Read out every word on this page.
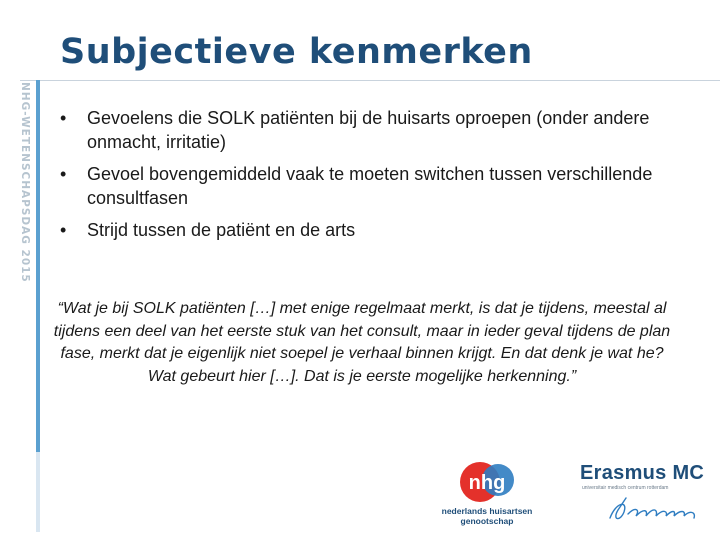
Subjectieve kenmerken
NHG-WETENSCHAPSDAG 2015 • Gevoelens die SOLK patiënten bij de huisarts oproepen (onder andere onmacht, irritatie)
• Gevoel bovengemiddeld vaak te moeten switchen tussen verschillende consultfasen
• Strijd tussen de patiënt en de arts

“Wat je bij SOLK patiënten […] met enige regelmaat merkt, is dat je tijdens, meestal al tijdens een deel van het eerste stuk van het consult, maar in ieder geval tijdens de plan fase, merkt dat je eigenlijk niet soepel je verhaal binnen krijgt. En dat denk je wat he? Wat gebeurt hier […]. Dat is je eerste mogelijke herkenning.”

nhg
nederlands huisartsen
genootschap
Erasmus MC
universitair medisch centrum rotterdam
